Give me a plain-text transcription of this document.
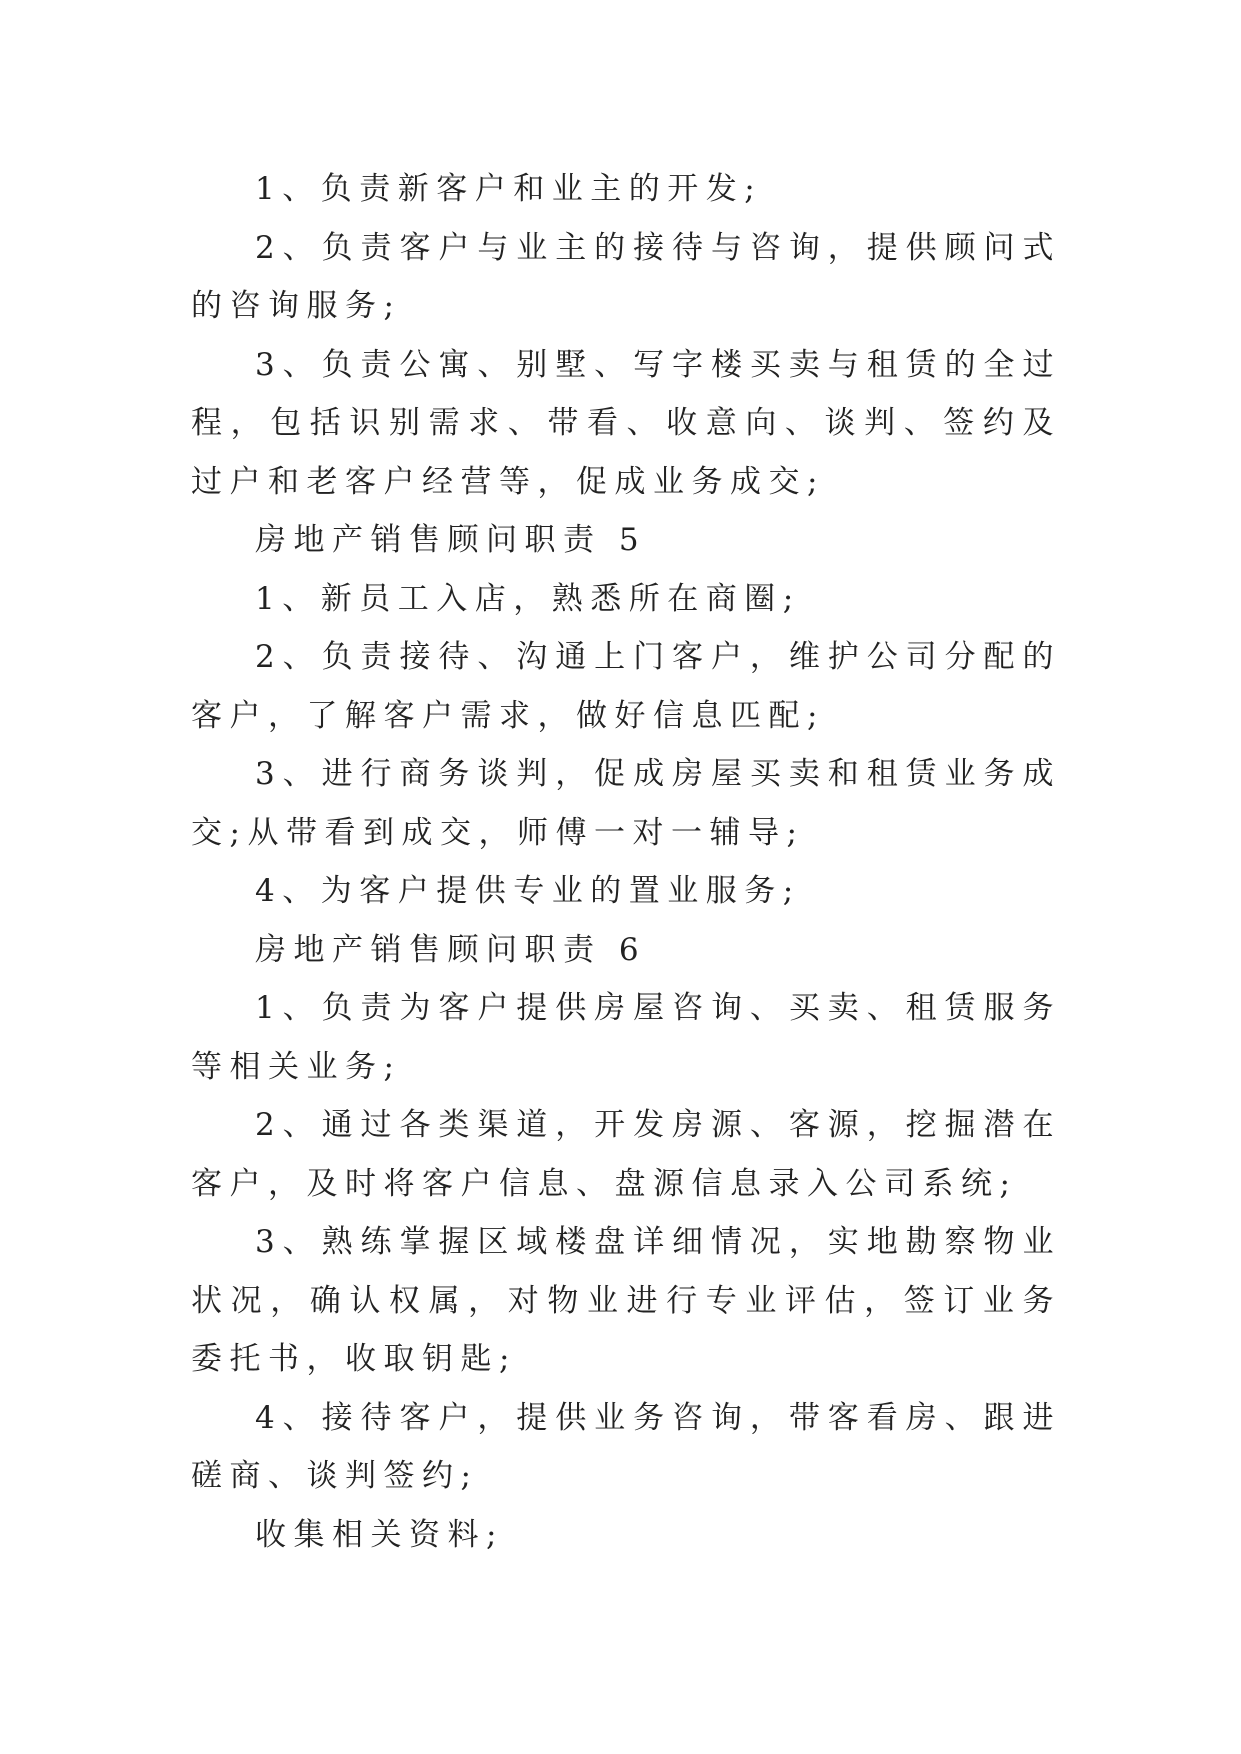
1、负责新客户和业主的开发;

2、负责客户与业主的接待与咨询，提供顾问式的咨询服务;

3、负责公寓、别墅、写字楼买卖与租赁的全过程，包括识别需求、带看、收意向、谈判、签约及过户和老客户经营等，促成业务成交;

房地产销售顾问职责 5

1、新员工入店，熟悉所在商圈;

2、负责接待、沟通上门客户，维护公司分配的客户，了解客户需求，做好信息匹配;

3、进行商务谈判，促成房屋买卖和租赁业务成交;从带看到成交，师傅一对一辅导;

4、为客户提供专业的置业服务;

房地产销售顾问职责 6

1、负责为客户提供房屋咨询、买卖、租赁服务等相关业务;

2、通过各类渠道，开发房源、客源，挖掘潜在客户，及时将客户信息、盘源信息录入公司系统;

3、熟练掌握区域楼盘详细情况，实地勘察物业状况，确认权属，对物业进行专业评估，签订业务委托书，收取钥匙;

4、接待客户，提供业务咨询，带客看房、跟进磋商、谈判签约;

收集相关资料;
